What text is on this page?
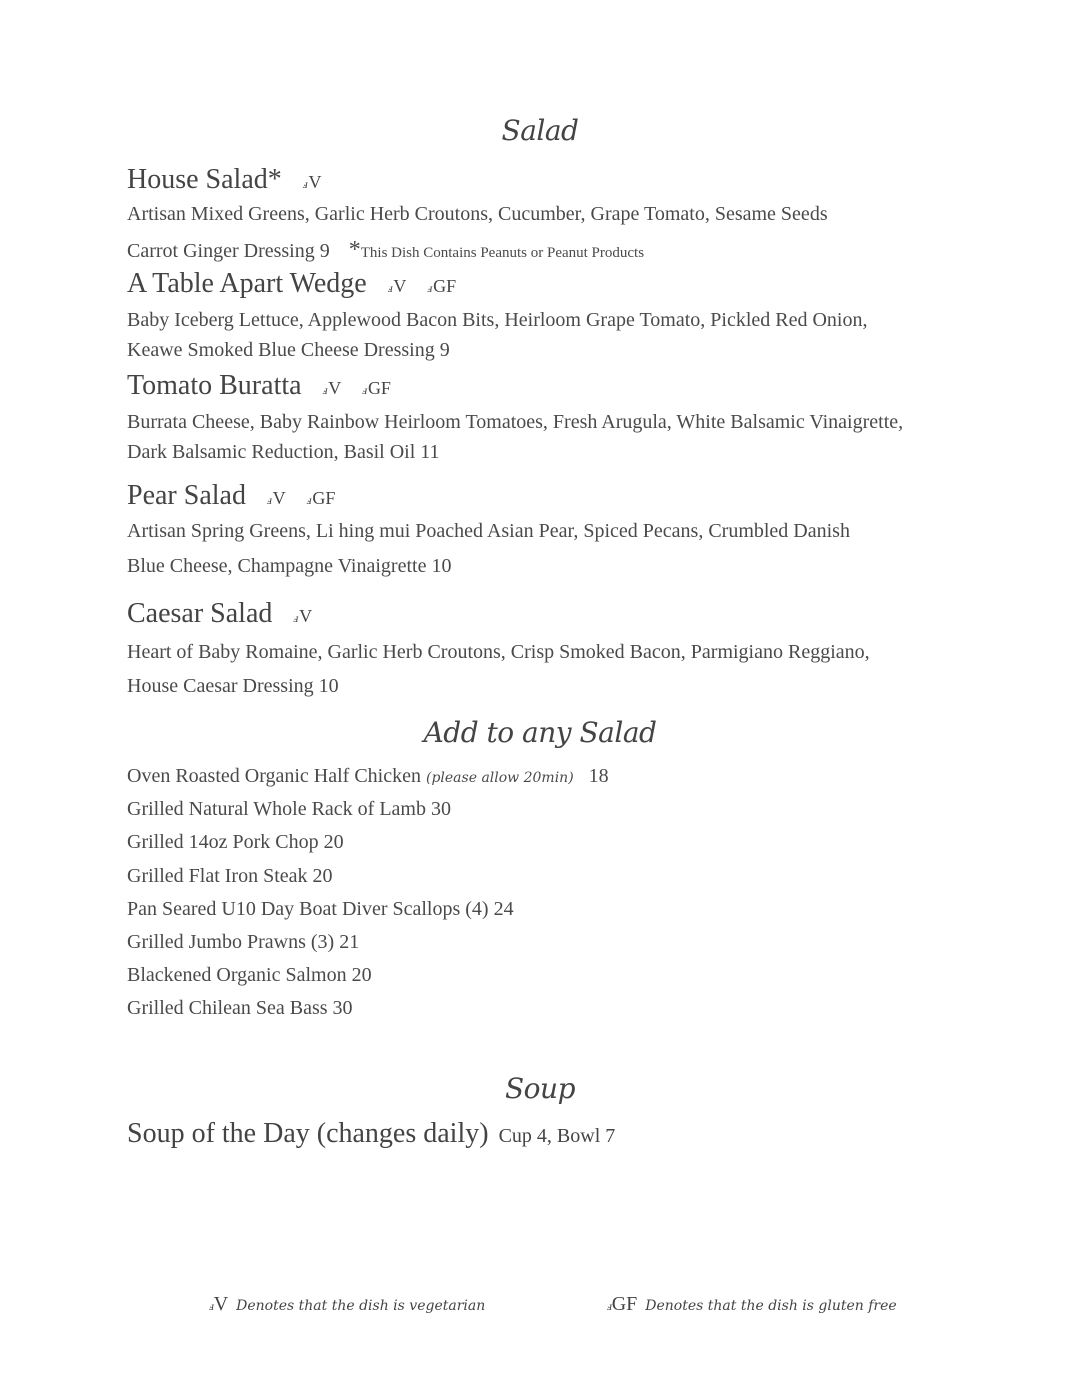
Salad
House Salad* ⅎV
Artisan Mixed Greens, Garlic Herb Croutons, Cucumber, Grape Tomato, Sesame Seeds
Carrot Ginger Dressing 9 *This Dish Contains Peanuts or Peanut Products
A Table Apart Wedge ⅎV ⅎGF
Baby Iceberg Lettuce, Applewood Bacon Bits, Heirloom Grape Tomato, Pickled Red Onion,
Keawe Smoked Blue Cheese Dressing 9
Tomato Buratta ⅎV ⅎGF
Burrata Cheese, Baby Rainbow Heirloom Tomatoes, Fresh Arugula, White Balsamic Vinaigrette,
Dark Balsamic Reduction, Basil Oil 11
Pear Salad ⅎV ⅎGF
Artisan Spring Greens, Li hing mui Poached Asian Pear, Spiced Pecans, Crumbled Danish
Blue Cheese, Champagne Vinaigrette 10
Caesar Salad ⅎV
Heart of Baby Romaine, Garlic Herb Croutons, Crisp Smoked Bacon, Parmigiano Reggiano,
House Caesar Dressing 10
Add to any Salad
Oven Roasted Organic Half Chicken (please allow 20min)   18
Grilled Natural Whole Rack of Lamb 30
Grilled 14oz Pork Chop 20
Grilled Flat Iron Steak 20
Pan Seared U10 Day Boat Diver Scallops (4) 24
Grilled Jumbo Prawns (3) 21
Blackened Organic Salmon 20
Grilled Chilean Sea Bass 30
Soup
Soup of the Day (changes daily) Cup 4, Bowl 7
ⅎV Denotes that the dish is vegetarian	ⅎGF Denotes that the dish is gluten free
